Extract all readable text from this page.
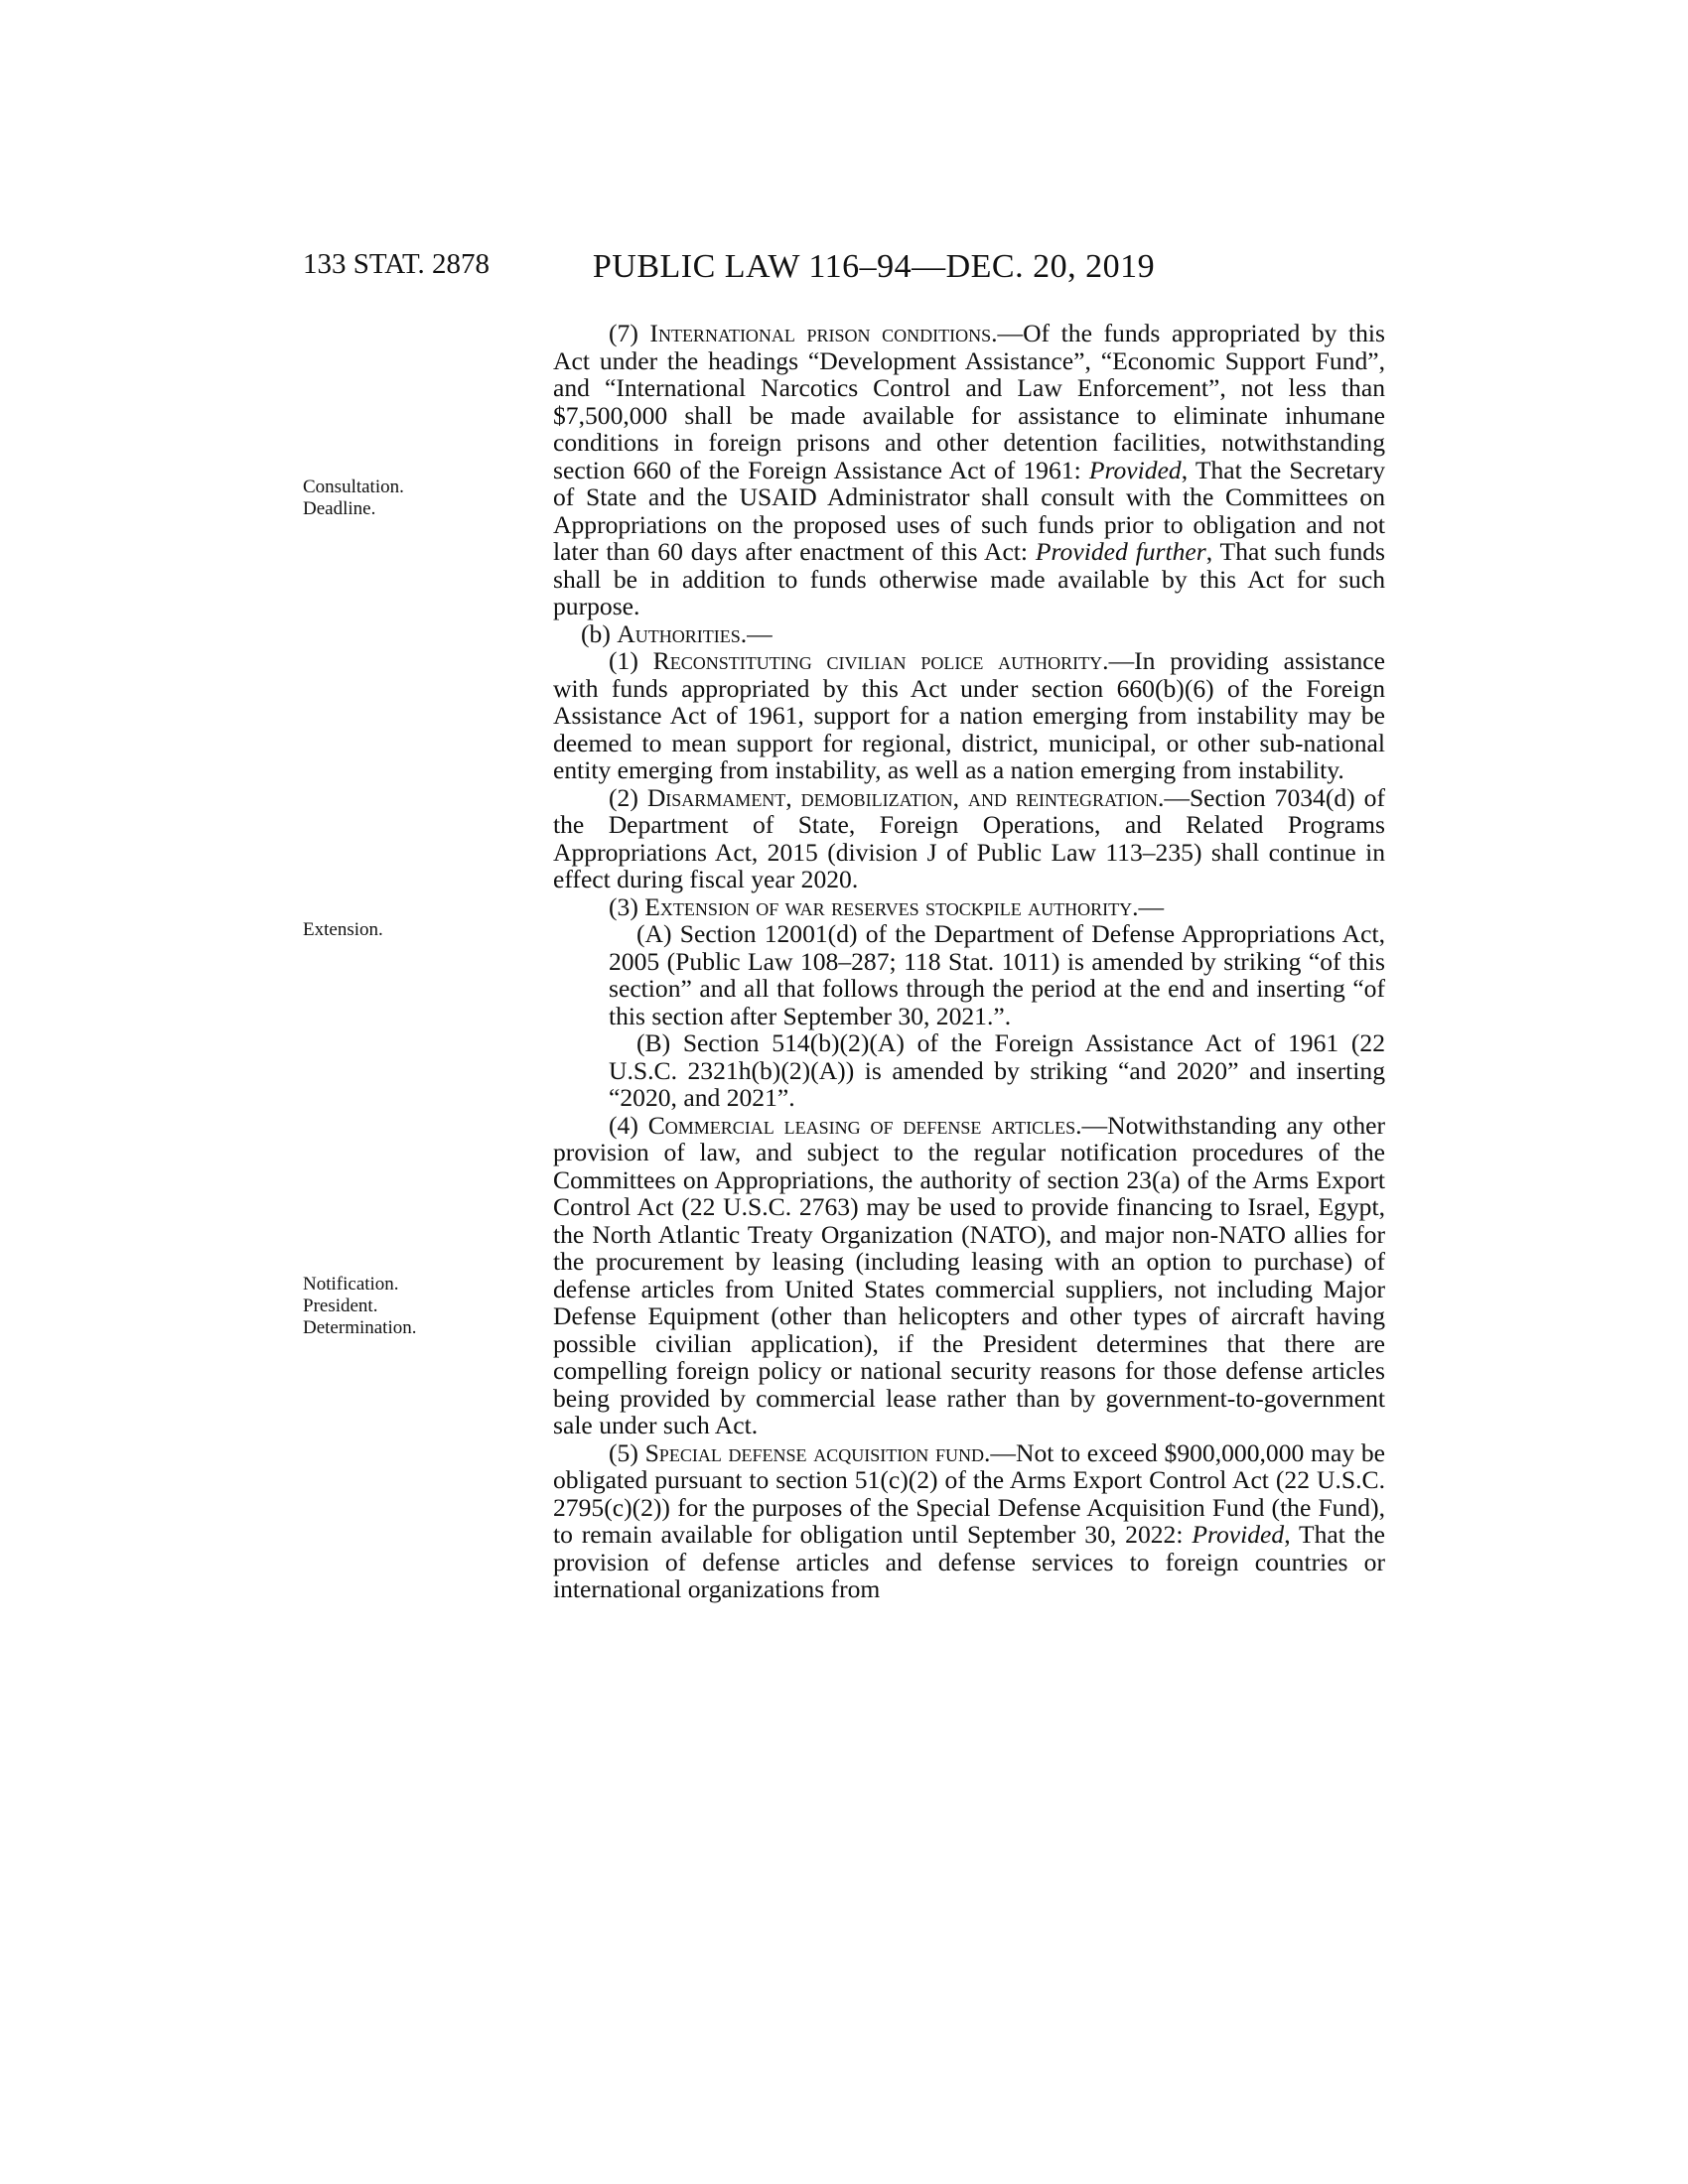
133 STAT. 2878	PUBLIC LAW 116–94—DEC. 20, 2019
Consultation.
Deadline.
Extension.
Notification.
President.
Determination.

(7) International prison conditions.—Of the funds appropriated by this Act under the headings “Development Assistance”, “Economic Support Fund”, and “International Narcotics Control and Law Enforcement”, not less than $7,500,000 shall be made available for assistance to eliminate inhumane conditions in foreign prisons and other detention facilities, notwithstanding section 660 of the Foreign Assistance Act of 1961: Provided, That the Secretary of State and the USAID Administrator shall consult with the Committees on Appropriations on the proposed uses of such funds prior to obligation and not later than 60 days after enactment of this Act: Provided further, That such funds shall be in addition to funds otherwise made available by this Act for such purpose.

(b) Authorities.—

(1) Reconstituting civilian police authority.—In providing assistance with funds appropriated by this Act under section 660(b)(6) of the Foreign Assistance Act of 1961, support for a nation emerging from instability may be deemed to mean support for regional, district, municipal, or other sub-national entity emerging from instability, as well as a nation emerging from instability.

(2) Disarmament, demobilization, and reintegration.—Section 7034(d) of the Department of State, Foreign Operations, and Related Programs Appropriations Act, 2015 (division J of Public Law 113–235) shall continue in effect during fiscal year 2020.

(3) Extension of war reserves stockpile authority.—

(A) Section 12001(d) of the Department of Defense Appropriations Act, 2005 (Public Law 108–287; 118 Stat. 1011) is amended by striking “of this section” and all that follows through the period at the end and inserting “of this section after September 30, 2021.”.

(B) Section 514(b)(2)(A) of the Foreign Assistance Act of 1961 (22 U.S.C. 2321h(b)(2)(A)) is amended by striking “and 2020” and inserting “2020, and 2021”.

(4) Commercial leasing of defense articles.—Notwithstanding any other provision of law, and subject to the regular notification procedures of the Committees on Appropriations, the authority of section 23(a) of the Arms Export Control Act (22 U.S.C. 2763) may be used to provide financing to Israel, Egypt, the North Atlantic Treaty Organization (NATO), and major non-NATO allies for the procurement by leasing (including leasing with an option to purchase) of defense articles from United States commercial suppliers, not including Major Defense Equipment (other than helicopters and other types of aircraft having possible civilian application), if the President determines that there are compelling foreign policy or national security reasons for those defense articles being provided by commercial lease rather than by government-to-government sale under such Act.

(5) Special defense acquisition fund.—Not to exceed $900,000,000 may be obligated pursuant to section 51(c)(2) of the Arms Export Control Act (22 U.S.C. 2795(c)(2)) for the purposes of the Special Defense Acquisition Fund (the Fund), to remain available for obligation until September 30, 2022: Provided, That the provision of defense articles and defense services to foreign countries or international organizations from
